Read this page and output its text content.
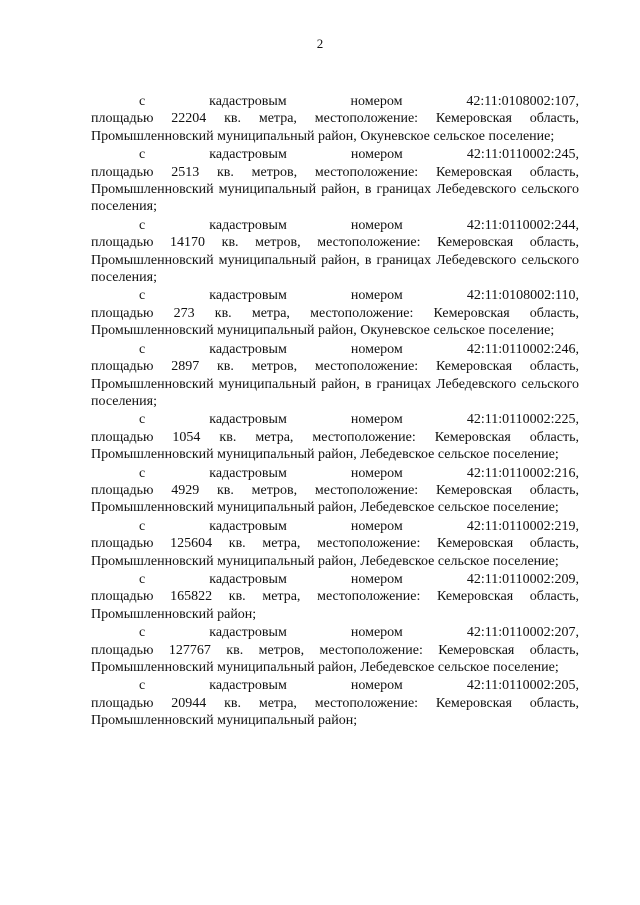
2
с	кадастровым	номером	42:11:0108002:107,
площадью 22204 кв. метра, местоположение: Кемеровская область, Промышленновский муниципальный район, Окуневское сельское поселение;
с	кадастровым	номером	42:11:0110002:245,
площадью 2513 кв. метров, местоположение: Кемеровская область, Промышленновский муниципальный район, в границах Лебедевского сельского поселения;
с	кадастровым	номером	42:11:0110002:244,
площадью 14170 кв. метров, местоположение: Кемеровская область, Промышленновский муниципальный район, в границах Лебедевского сельского поселения;
с	кадастровым	номером	42:11:0108002:110,
площадью 273 кв. метра, местоположение: Кемеровская область, Промышленновский муниципальный район, Окуневское сельское поселение;
с	кадастровым	номером	42:11:0110002:246,
площадью 2897 кв. метров, местоположение: Кемеровская область, Промышленновский муниципальный район, в границах Лебедевского сельского поселения;
с	кадастровым	номером	42:11:0110002:225,
площадью 1054 кв. метра, местоположение: Кемеровская область, Промышленновский муниципальный район, Лебедевское сельское поселение;
с	кадастровым	номером	42:11:0110002:216,
площадью 4929 кв. метров, местоположение: Кемеровская область, Промышленновский муниципальный район, Лебедевское сельское поселение;
с	кадастровым	номером	42:11:0110002:219,
площадью 125604 кв. метра, местоположение: Кемеровская область, Промышленновский муниципальный район, Лебедевское сельское поселение;
с	кадастровым	номером	42:11:0110002:209,
площадью 165822 кв. метра, местоположение: Кемеровская область, Промышленновский район;
с	кадастровым	номером	42:11:0110002:207,
площадью 127767 кв. метров, местоположение: Кемеровская область, Промышленновский муниципальный район, Лебедевское сельское поселение;
с	кадастровым	номером	42:11:0110002:205,
площадью 20944 кв. метра, местоположение: Кемеровская область, Промышленновский муниципальный район;
